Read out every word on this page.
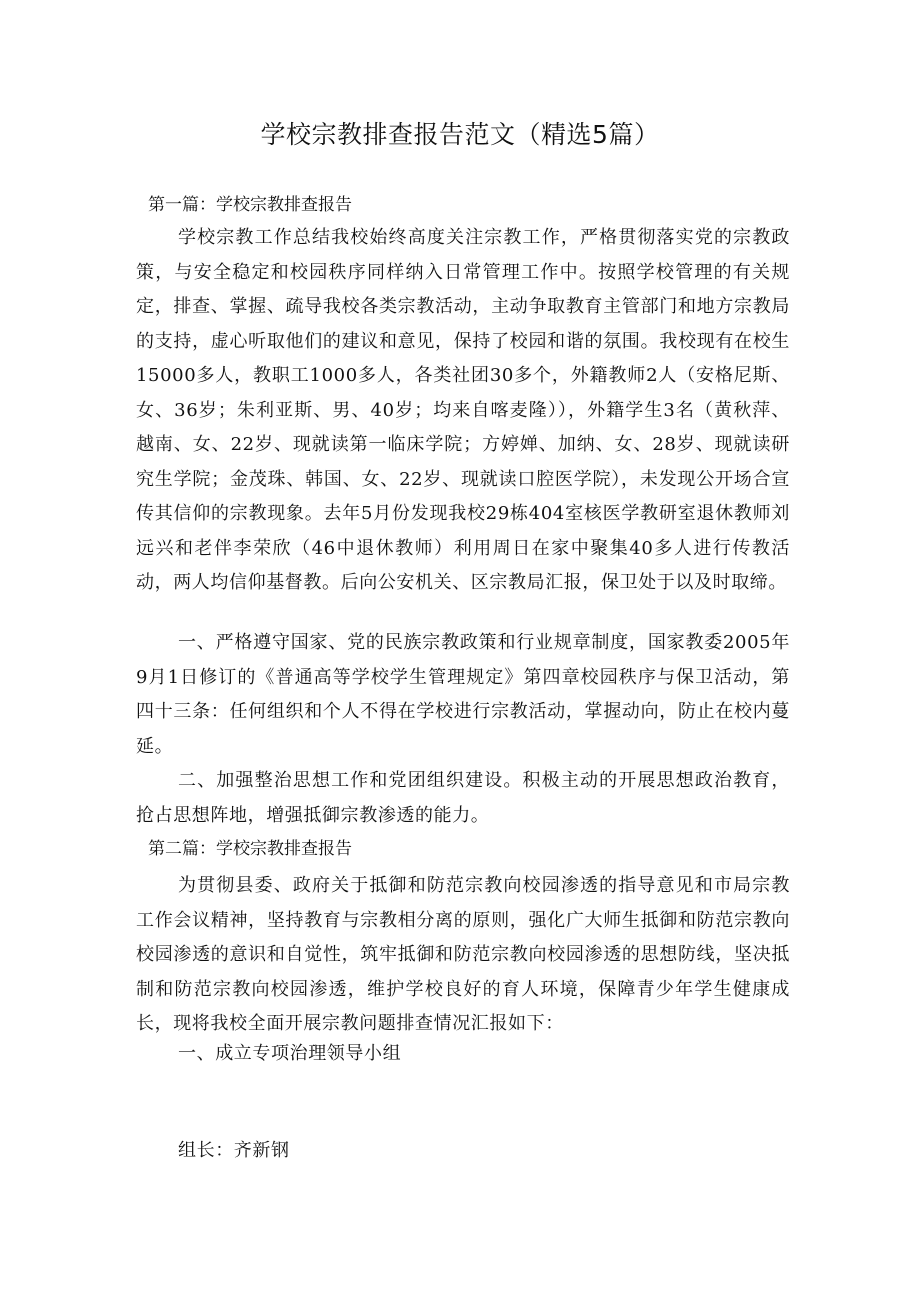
学校宗教排查报告范文（精选5篇）

第一篇：学校宗教排查报告

学校宗教工作总结我校始终高度关注宗教工作，严格贯彻落实党的宗教政策，与安全稳定和校园秩序同样纳入日常管理工作中。按照学校管理的有关规定，排查、掌握、疏导我校各类宗教活动，主动争取教育主管部门和地方宗教局的支持，虚心听取他们的建议和意见，保持了校园和谐的氛围。我校现有在校生15000多人，教职工1000多人，各类社团30多个，外籍教师2人（安格尼斯、女、36岁；朱利亚斯、男、40岁；均来自喀麦隆）），外籍学生3名（黄秋萍、越南、女、22岁、现就读第一临床学院；方婷婵、加纳、女、28岁、现就读研究生学院；金茂珠、韩国、女、22岁、现就读口腔医学院），未发现公开场合宣传其信仰的宗教现象。去年5月份发现我校29栋404室核医学教研室退休教师刘远兴和老伴李荣欣（46中退休教师）利用周日在家中聚集40多人进行传教活动，两人均信仰基督教。后向公安机关、区宗教局汇报，保卫处于以及时取缔。

一、严格遵守国家、党的民族宗教政策和行业规章制度，国家教委2005年9月1日修订的《普通高等学校学生管理规定》第四章校园秩序与保卫活动，第四十三条：任何组织和个人不得在学校进行宗教活动，掌握动向，防止在校内蔓延。

二、加强整治思想工作和党团组织建设。积极主动的开展思想政治教育，抢占思想阵地，增强抵御宗教渗透的能力。

第二篇：学校宗教排查报告

为贯彻县委、政府关于抵御和防范宗教向校园渗透的指导意见和市局宗教工作会议精神，坚持教育与宗教相分离的原则，强化广大师生抵御和防范宗教向校园渗透的意识和自觉性，筑牢抵御和防范宗教向校园渗透的思想防线，坚决抵制和防范宗教向校园渗透，维护学校良好的育人环境，保障青少年学生健康成长，现将我校全面开展宗教问题排查情况汇报如下：

一、成立专项治理领导小组

组长：齐新钢
